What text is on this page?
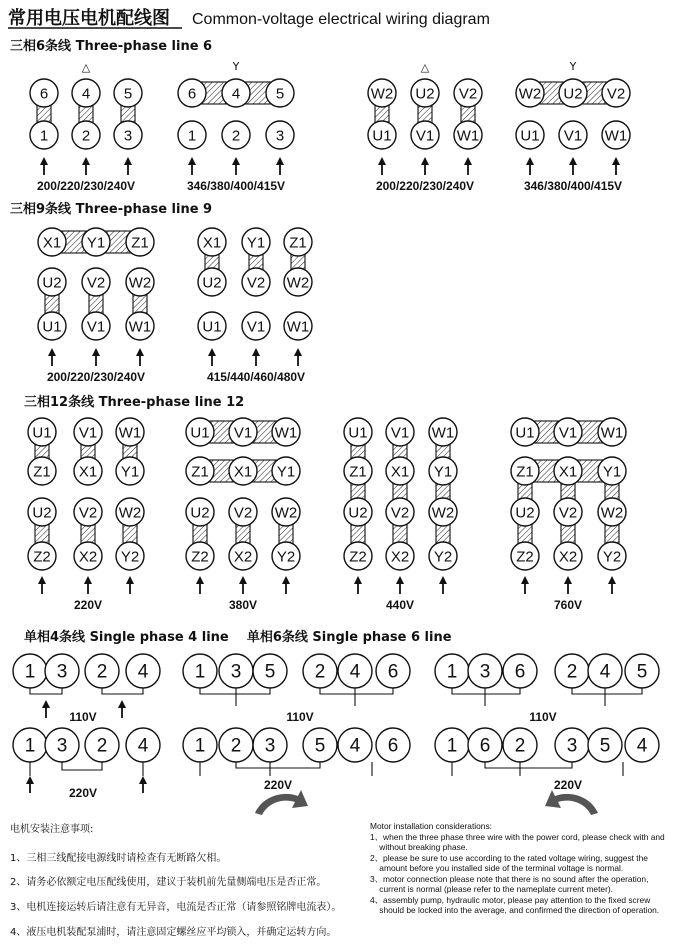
常用电压电机配线图 Common-voltage electrical wiring diagram
三相6条线 Three-phase line 6
三相9条线 Three-phase line 9
三相12条线 Three-phase line 12
单相4条线 Single phase 4 line    单相6条线 Single phase 6 line
△
6 4 5
1 2 3
200/220/230/240V
Y
6 4 5
1 2 3
346/380/400/415V
△
W2 U2 V2
U1 V1 W1
200/220/230/240V
Y
W2 U2 V2
U1 V1 W1
346/380/400/415V
X1 Y1 Z1
U2 V2 W2
U1 V1 W1
200/220/230/240V
X1 Y1 Z1
U2 V2 W2
U1 V1 W1
415/440/460/480V
U1 V1 W1
Z1 X1 Y1
U2 V2 W2
Z2 X2 Y2
220V
U1 V1 W1
Z1 X1 Y1
U2 V2 W2
Z2 X2 Y2
380V
U1 V1 W1
Z1 X1 Y1
U2 V2 W2
Z2 X2 Y2
440V
U1 V1 W1
Z1 X1 Y1
U2 V2 W2
Z2 X2 Y2
760V
1 3 2 4
110V
1 3 5 2 4 6
110V
1 3 6 2 4 5
110V
1 3 2 4
220V
1 2 3 5 4 6
220V
1 6 2 3 5 4
220V
电机安装注意事项:
1、三相三线配接电源线时请检查有无断路欠相。
2、请务必依额定电压配线使用，建议于装机前先量侧端电压是否正常。
3、电机连接运转后请注意有无异音，电流是否正常（请参照铭牌电流表）。
4、液压电机装配泵浦时，请注意固定螺丝应平均锁入，并确定运转方向。
Motor installation considerations:
1、when the three phase three wire with the power cord, please check with and
without breaking phase.
2、please be sure to use according to the rated voltage wiring, suggest the
amount before you installed side of the terminal voltage is normal.
3、motor connection please note that there is no sound after the operation,
current is normal (please refer to the nameplate current meter).
4、assembly pump, hydraulic motor, please pay attention to the fixed screw
should be locked into the average, and confirmed the direction of operation.
